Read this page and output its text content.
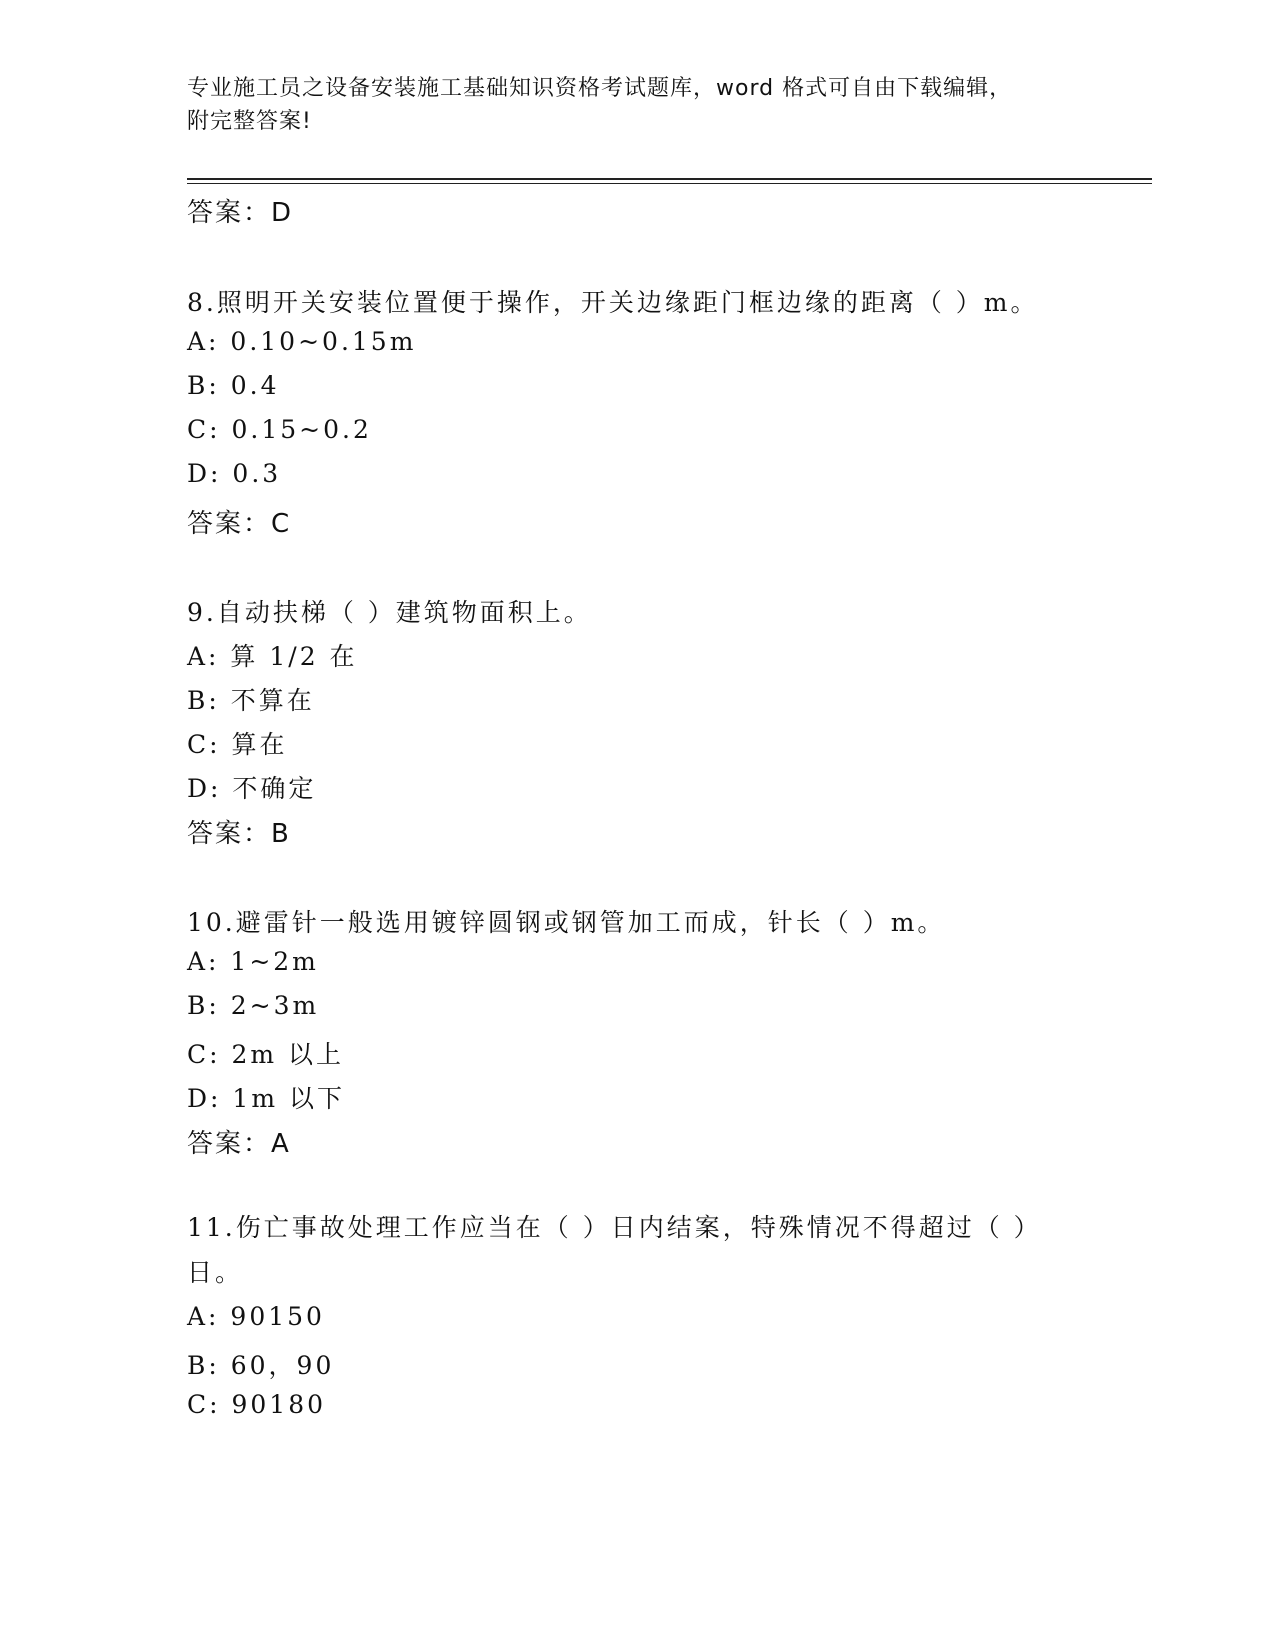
专业施工员之设备安装施工基础知识资格考试题库，word 格式可自由下载编辑，
附完整答案!
答案：D
8.照明开关安装位置便于操作，开关边缘距门框边缘的距离（ ）m。
A: 0.10~0.15m
B: 0.4
C: 0.15~0.2
D: 0.3
答案：C
9.自动扶梯（ ）建筑物面积上。
A: 算 1/2 在
B: 不算在
C: 算在
D: 不确定
答案：B
10.避雷针一般选用镀锌圆钢或钢管加工而成，针长（ ）m。
A: 1~2m
B: 2~3m
C: 2m 以上
D: 1m 以下
答案：A
11.伤亡事故处理工作应当在（ ）日内结案，特殊情况不得超过（ ）日。
A: 90150
B: 60，90
C: 90180
